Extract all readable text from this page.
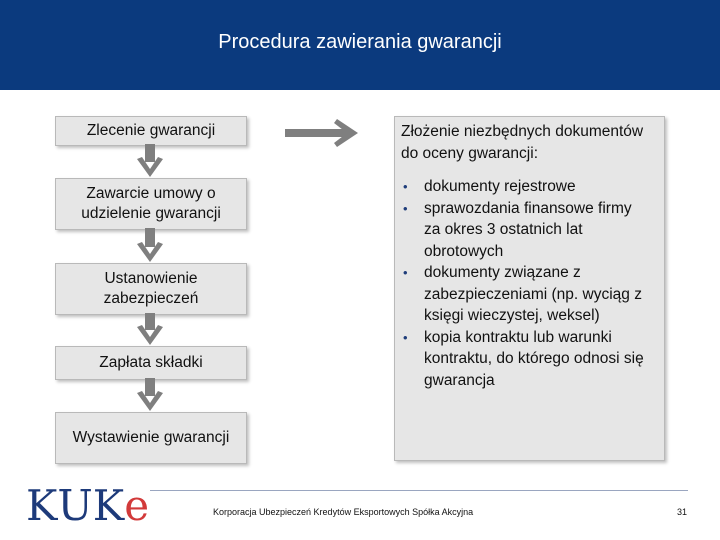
Procedura zawierania gwarancji
Zlecenie gwarancji
Zawarcie umowy o udzielenie gwarancji
Ustanowienie zabezpieczeń
Zapłata składki
Wystawienie gwarancji
Złożenie niezbędnych dokumentów do oceny gwarancji:
• dokumenty rejestrowe
• sprawozdania finansowe firmy za okres 3 ostatnich lat obrotowych
• dokumenty związane z zabezpieczeniami (np. wyciąg z księgi wieczystej, weksel)
• kopia kontraktu lub warunki kontraktu, do którego odnosi się gwarancja
K U K e	Korporacja Ubezpieczeń Kredytów Eksportowych Spółka Akcyjna	31
